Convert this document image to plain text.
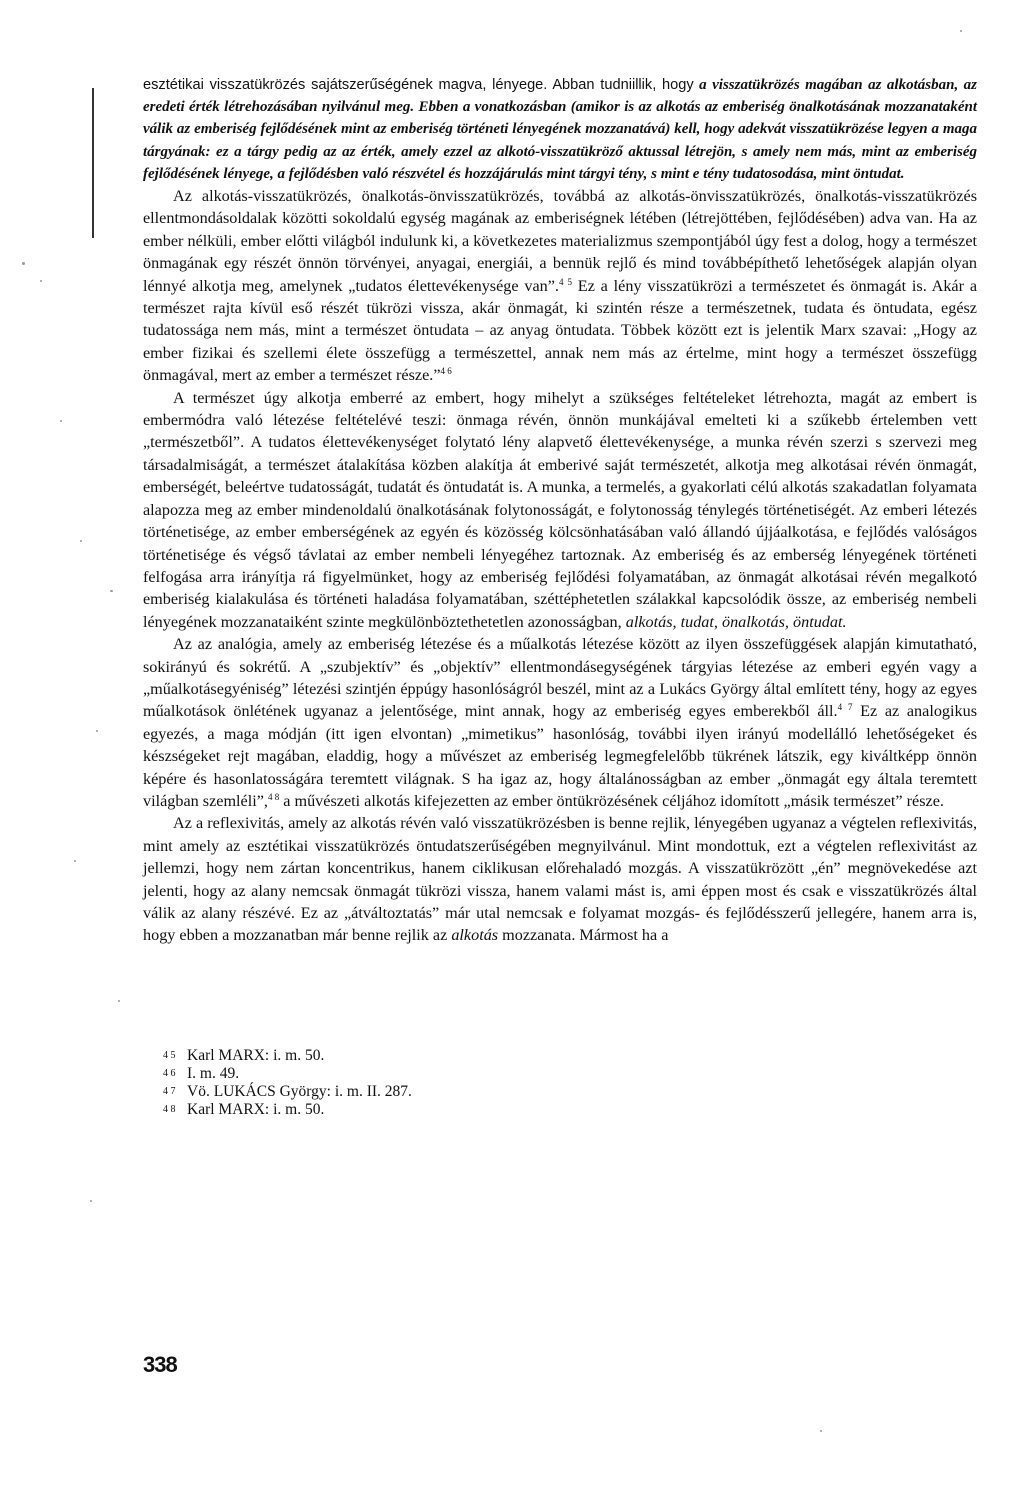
esztétikai visszatükrözés sajátszerűségének magva, lényege. Abban tudniillik, hogy a visszatükrözés magában az alkotásban, az eredeti érték létrehozásában nyilvánul meg. Ebben a vonatkozásban (amikor is az alkotás az emberiség önalkotásának mozzanataként válik az emberiség fejlődésének mint az emberiség történeti lényegének mozzanatává) kell, hogy adekvát visszatükrözése legyen a maga tárgyának: ez a tárgy pedig az az érték, amely ezzel az alkotó-visszatükröző aktussal létrejön, s amely nem más, mint az emberiség fejlődésének lényege, a fejlődésben való részvétel és hozzájárulás mint tárgyi tény, s mint e tény tudatosodása, mint öntudat.

Az alkotás-visszatükrözés, önalkotás-önvisszatükrözés, továbbá az alkotás-önvisszatükrözés, önalkotás-visszatükrözés ellentmondásoldalak közötti sokoldalú egység magának az emberiségnek létében (létrejöttében, fejlődésében) adva van. Ha az ember nélküli, ember előtti világból indulunk ki, a következetes materializmus szempontjából úgy fest a dolog, hogy a természet önmagának egy részét önnön törvényei, anyagai, energiái, a bennük rejlő és mind továbbépíthető lehetőségek alapján olyan lénnyé alkotja meg, amelynek „tudatos élettevékenysége van”.$^{4 5}$ Ez a lény visszatükrözi a természetet és önmagát is. Akár a természet rajta kívül eső részét tükrözi vissza, akár önmagát, ki szintén része a természetnek, tudata és öntudata, egész tudatossága nem más, mint a természet öntudata – az anyag öntudata. Többek között ezt is jelentik Marx szavai: „Hogy az ember fizikai és szellemi élete összefügg a természettel, annak nem más az értelme, mint hogy a természet összefügg önmagával, mert az ember a természet része.”$^{4 6}$

A természet úgy alkotja emberré az embert, hogy mihelyt a szükséges feltételeket létrehozta, magát az embert is embermódra való létezése feltételévé teszi: önmaga révén, önnön munkájával emelteti ki a szűkebb értelemben vett „természetből”. A tudatos élettevékenységet folytató lény alapvető élettevékenysége, a munka révén szerzi s szervezi meg társadalmiságát, a természet átalakítása közben alakítja át emberivé saját természetét, alkotja meg alkotásai révén önmagát, emberségét, beleértve tudatosságát, tudatát és öntudatát is. A munka, a termelés, a gyakorlati célú alkotás szakadatlan folyamata alapozza meg az ember mindenoldalú önalkotásának folytonosságát, e folytonosság ténylegés történetiségét. Az emberi létezés történetisége, az ember emberségének az egyén és közösség kölcsönhatásában való állandó újjáalkotása, e fejlődés valóságos történetisége és végső távlatai az ember nembeli lényegéhez tartoznak. Az emberiség és az emberség lényegének történeti felfogása arra irányítja rá figyelmünket, hogy az emberiség fejlődési folyamatában, az önmagát alkotásai révén megalkotó emberiség kialakulása és történeti haladása folyamatában, széttéphetetlen szálakkal kapcsolódik össze, az emberiség nembeli lényegének mozzanataiként szinte megkülönböztethetetlen azonosságban, alkotás, tudat, önalkotás, öntudat.

Az az analógia, amely az emberiség létezése és a műalkotás létezése között az ilyen összefüggések alapján kimutatható, sokirányú és sokrétű. A „szubjektív” és „objektív” ellentmondásegységének tárgyias létezése az emberi egyén vagy a „műalkotásegyéniség” létezési szintjén éppúgy hasonlóságról beszél, mint az a Lukács György által említett tény, hogy az egyes műalkotások önlétének ugyanaz a jelentősége, mint annak, hogy az emberiség egyes emberekből áll.$^{4 7}$ Ez az analogikus egyezés, a maga módján (itt igen elvontan) „mimetikus” hasonlóság, további ilyen irányú modellálló lehetőségeket és készségeket rejt magában, eladdig, hogy a művészet az emberiség legmegfelelőbb tükrének látszik, egy kiváltképp önnön képére és hasonlatosságára teremtett világnak. S ha igaz az, hogy általánosságban az ember „önmagát egy általa teremtett világban szemléli”,$^{4 8}$ a művészeti alkotás kifejezetten az ember öntükrözésének céljához idomított „másik természet” része.

Az a reflexivitás, amely az alkotás révén való visszatükrözésben is benne rejlik, lényegében ugyanaz a végtelen reflexivitás, mint amely az esztétikai visszatükrözés öntudatszerűségében megnyilvánul. Mint mondottuk, ezt a végtelen reflexivitást az jellemzi, hogy nem zártan koncentrikus, hanem ciklikusan előrehaladó mozgás. A visszatükrözött „én” megnövekedése azt jelenti, hogy az alany nemcsak önmagát tükrözi vissza, hanem valami mást is, ami éppen most és csak e visszatükrözés által válik az alany részévé. Ez az „átváltoztatás” már utal nemcsak e folyamat mozgás- és fejlődésszerű jellegére, hanem arra is, hogy ebben a mozzanatban már benne rejlik az alkotás mozzanata. Mármost ha a

4 5 Karl MARX: i. m. 50.
4 6 I. m. 49.
4 7 Vö. LUKÁCS György: i. m. II. 287.
4 8 Karl MARX: i. m. 50.
338
